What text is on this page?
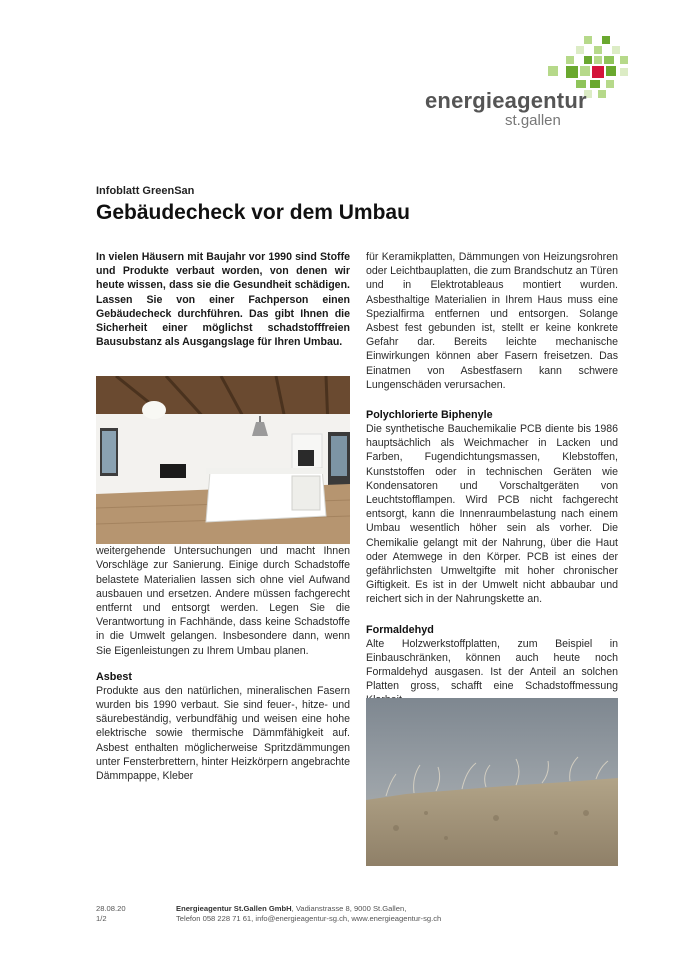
energieagentur
st.gallen
Infoblatt GreenSan
Gebäudecheck vor dem Umbau

In vielen Häusern mit Baujahr vor 1990 sind Stoffe und Produkte verbaut worden, von denen wir heute wissen, dass sie die Gesundheit schädigen. Lassen Sie von einer Fachperson einen Gebäudecheck durchführen. Das gibt Ihnen die Sicherheit einer möglichst schadstofffreien Bausubstanz als Ausgangslage für Ihren Umbau.

weitergehende Untersuchungen und macht Ihnen Vorschläge zur Sanierung. Einige durch Schadstoffe belastete Materialien lassen sich ohne viel Aufwand ausbauen und ersetzen. Andere müssen fachgerecht entfernt und entsorgt werden. Legen Sie die Verantwortung in Fachhände, dass keine Schadstoffe in die Umwelt gelangen. Insbesondere dann, wenn Sie Eigenleistungen zu Ihrem Umbau planen.

Asbest

Produkte aus den natürlichen, mineralischen Fasern wurden bis 1990 verbaut. Sie sind feuer-, hitze- und säurebeständig, verbundfähig und weisen eine hohe elektrische sowie thermische Dämmfähigkeit auf. Asbest enthalten möglicherweise Spritzdämmungen unter Fensterbrettern, hinter Heizkörpern angebrachte Dämmpappe, Kleber

für Keramikplatten, Dämmungen von Heizungsrohren oder Leichtbauplatten, die zum Brandschutz an Türen und in Elektrotableaus montiert wurden. Asbesthaltige Materialien in Ihrem Haus muss eine Spezialfirma entfernen und entsorgen. Solange Asbest fest gebunden ist, stellt er keine konkrete Gefahr dar. Bereits leichte mechanische Einwirkungen können aber Fasern freisetzen. Das Einatmen von Asbestfasern kann schwere Lungenschäden verursachen.

Polychlorierte Biphenyle

Die synthetische Bauchemikalie PCB diente bis 1986 hauptsächlich als Weichmacher in Lacken und Farben, Fugendichtungsmassen, Klebstoffen, Kunststoffen oder in technischen Geräten wie Kondensatoren und Vorschaltgeräten von Leuchtstofflampen. Wird PCB nicht fachgerecht entsorgt, kann die Innenraumbelastung nach einem Umbau wesentlich höher sein als vorher. Die Chemikalie gelangt mit der Nahrung, über die Haut oder Atemwege in den Körper. PCB ist eines der gefährlichsten Umweltgifte mit hoher chronischer Giftigkeit. Es ist in der Umwelt nicht abbaubar und reichert sich in der Nahrungskette an.

Formaldehyd

Alte Holzwerkstoffplatten, zum Beispiel in Einbauschränken, können auch heute noch Formaldehyd ausgasen. Ist der Anteil an solchen Platten gross, schafft eine Schadstoffmessung

28.08.20
1/2
Energieagentur St.Gallen GmbH, Vadianstrasse 8, 9000 St.Gallen,
Telefon 058 228 71 61, info@energieagentur-sg.ch, www.energieagentur-sg.ch
